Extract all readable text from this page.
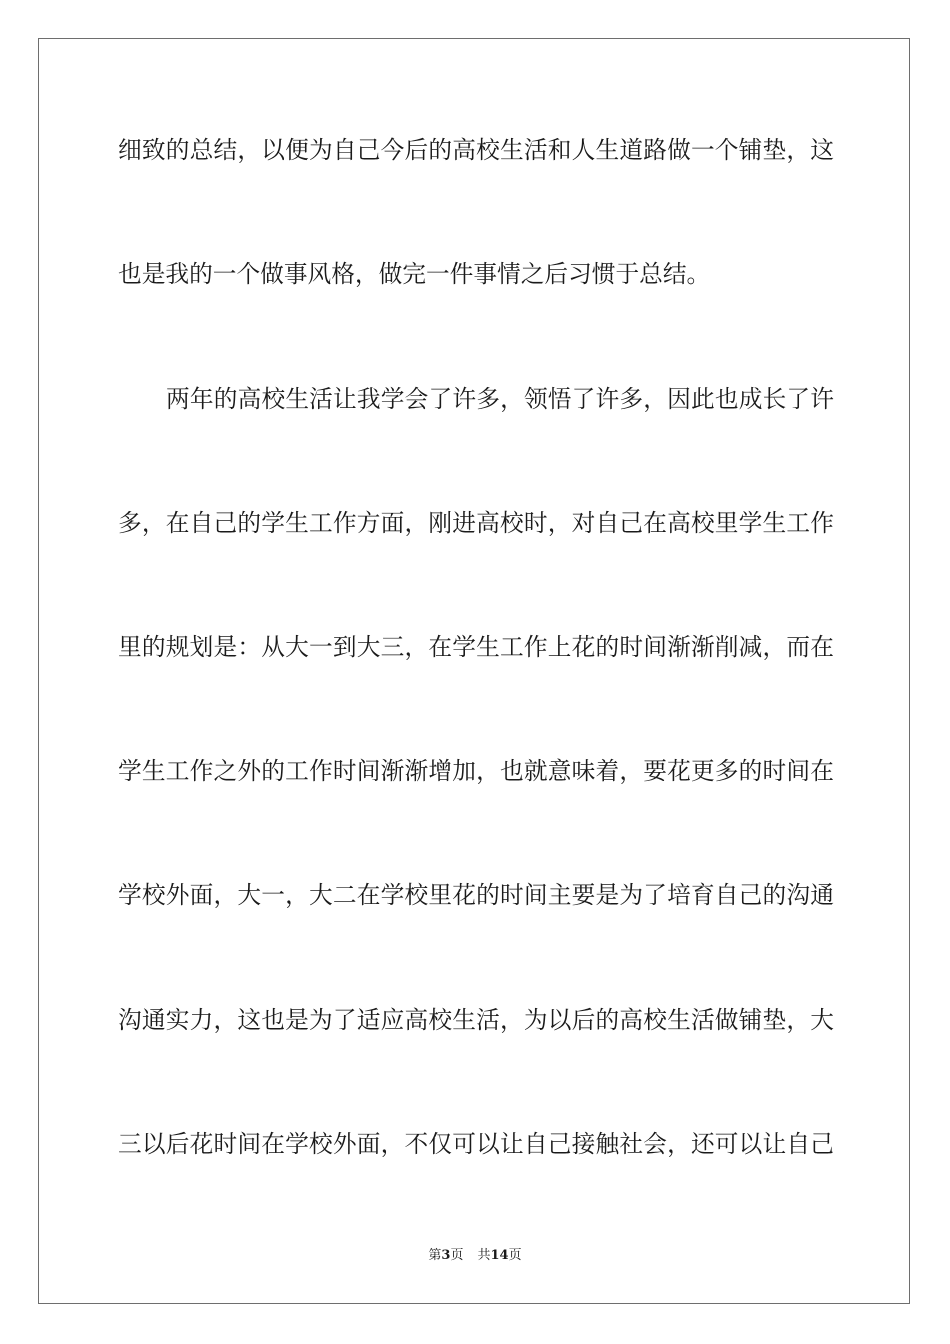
细致的总结，以便为自己今后的高校生活和人生道路做一个铺垫，这
也是我的一个做事风格，做完一件事情之后习惯于总结。
两年的高校生活让我学会了许多，领悟了许多，因此也成长了许
多，在自己的学生工作方面，刚进高校时，对自己在高校里学生工作
里的规划是：从大一到大三，在学生工作上花的时间渐渐削减，而在
学生工作之外的工作时间渐渐增加，也就意味着，要花更多的时间在
学校外面，大一，大二在学校里花的时间主要是为了培育自己的沟通
沟通实力，这也是为了适应高校生活，为以后的高校生活做铺垫，大
三以后花时间在学校外面，不仅可以让自己接触社会，还可以让自己
第3页 共14页
